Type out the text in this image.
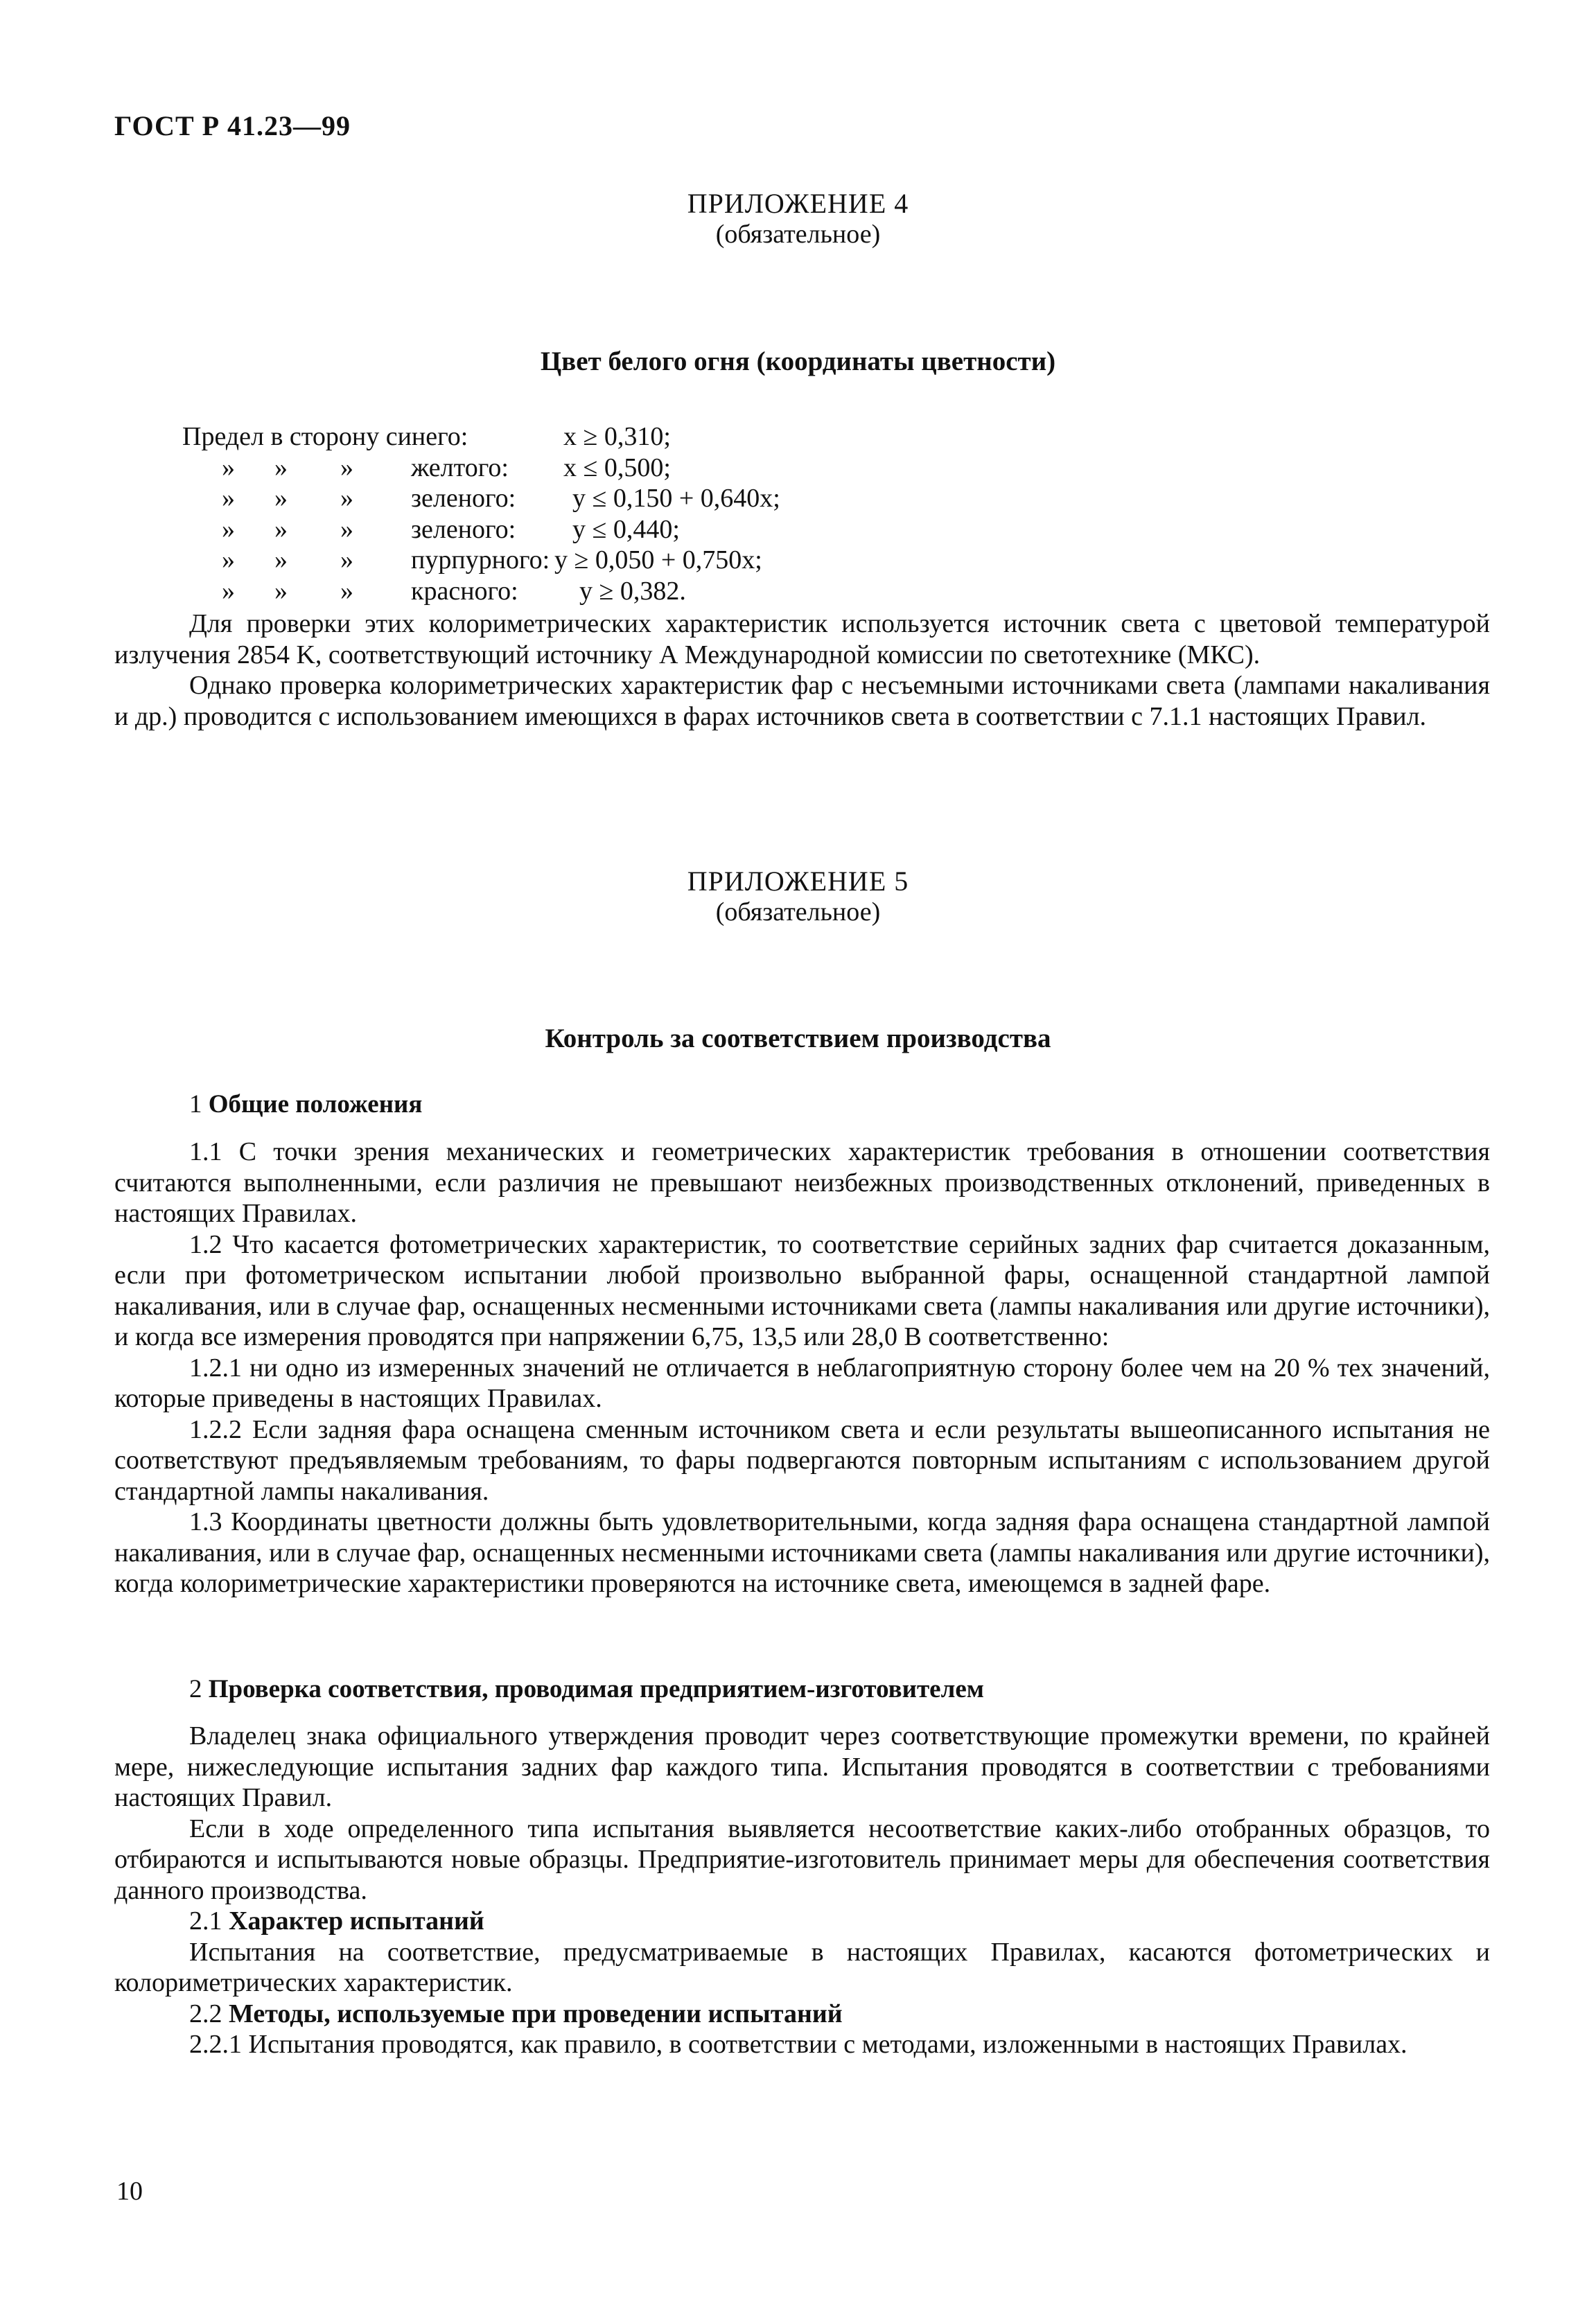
ГОСТ Р 41.23—99
ПРИЛОЖЕНИЕ 4
(обязательное)
Цвет белого огня (координаты цветности)
Предел в сторону синего:	x ≥ 0,310;
» » » желтого: x ≤ 0,500;
» » » зеленого: y ≤ 0,150 + 0,640x;
» » » зеленого: y ≤ 0,440;
» » » пурпурного: y ≥ 0,050 + 0,750x;
» » » красного: y ≥ 0,382.

Для проверки этих колориметрических характеристик используется источник света с цветовой температурой излучения 2854 K, соответствующий источнику А Международной комиссии по светотехнике (МКС).

Однако проверка колориметрических характеристик фар с несъемными источниками света (лампами накаливания и др.) проводится с использованием имеющихся в фарах источников света в соответствии с 7.1.1 настоящих Правил.

ПРИЛОЖЕНИЕ 5
(обязательное)
Контроль за соответствием производства
1 Общие положения

1.1 С точки зрения механических и геометрических характеристик требования в отношении соответствия считаются выполненными, если различия не превышают неизбежных производственных отклонений, приведенных в настоящих Правилах.

1.2 Что касается фотометрических характеристик, то соответствие серийных задних фар считается доказанным, если при фотометрическом испытании любой произвольно выбранной фары, оснащенной стандартной лампой накаливания, или в случае фар, оснащенных несменными источниками света (лампы накаливания или другие источники), и когда все измерения проводятся при напряжении 6,75, 13,5 или 28,0 В соответственно:

1.2.1 ни одно из измеренных значений не отличается в неблагоприятную сторону более чем на 20 % тех значений, которые приведены в настоящих Правилах.

1.2.2 Если задняя фара оснащена сменным источником света и если результаты вышеописанного испытания не соответствуют предъявляемым требованиям, то фары подвергаются повторным испытаниям с использованием другой стандартной лампы накаливания.

1.3 Координаты цветности должны быть удовлетворительными, когда задняя фара оснащена стандартной лампой накаливания, или в случае фар, оснащенных несменными источниками света (лампы накаливания или другие источники), когда колориметрические характеристики проверяются на источнике света, имеющемся в задней фаре.

2 Проверка соответствия, проводимая предприятием-изготовителем

Владелец знака официального утверждения проводит через соответствующие промежутки времени, по крайней мере, нижеследующие испытания задних фар каждого типа. Испытания проводятся в соответствии с требованиями настоящих Правил.

Если в ходе определенного типа испытания выявляется несоответствие каких-либо отобранных образцов, то отбираются и испытываются новые образцы. Предприятие-изготовитель принимает меры для обеспечения соответствия данного производства.

2.1 Характер испытаний

Испытания на соответствие, предусматриваемые в настоящих Правилах, касаются фотометрических и колориметрических характеристик.

2.2 Методы, используемые при проведении испытаний

2.2.1 Испытания проводятся, как правило, в соответствии с методами, изложенными в настоящих Правилах.

10
